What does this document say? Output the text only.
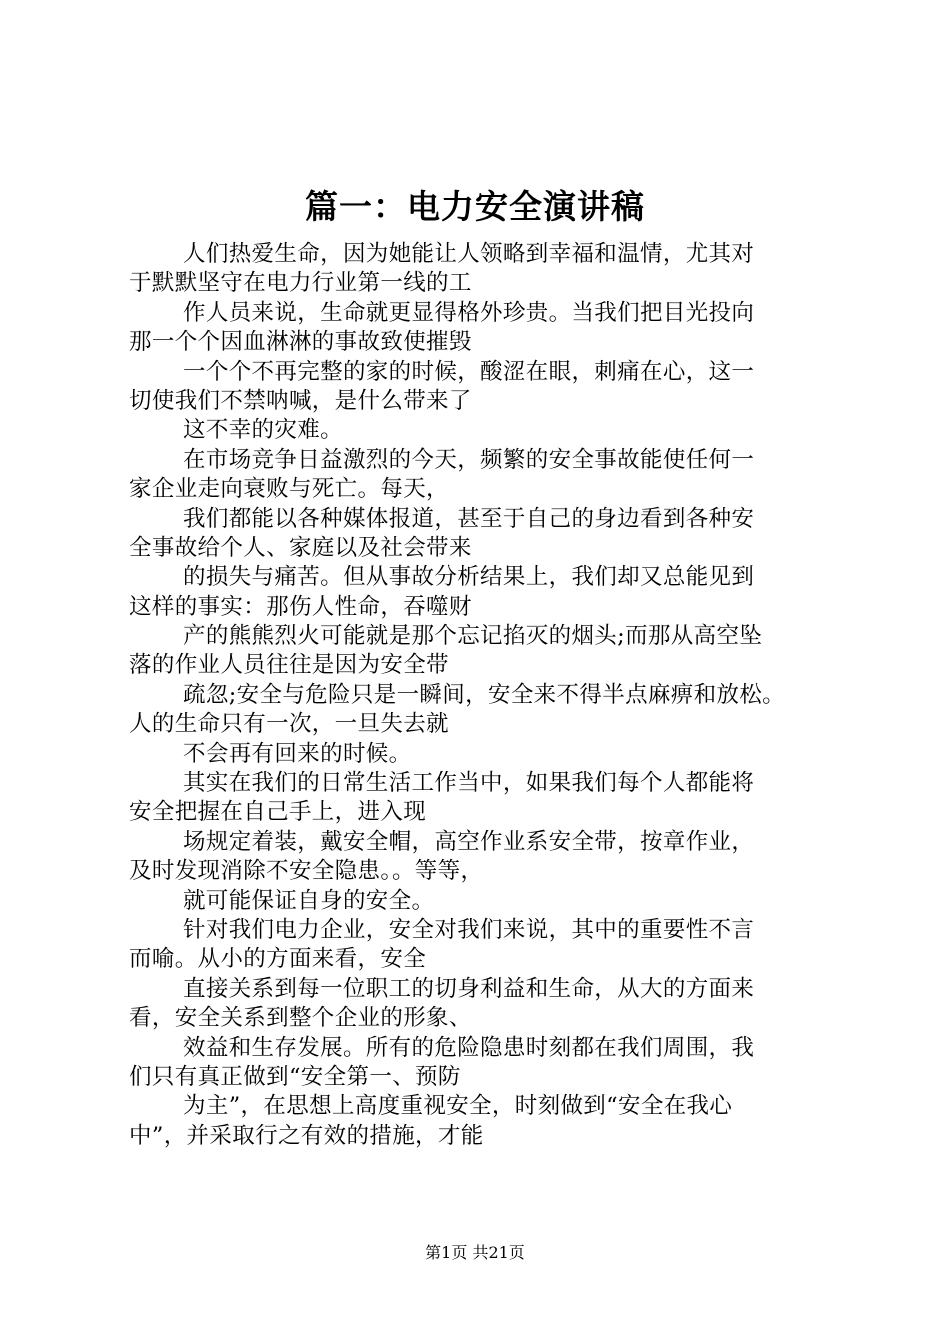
篇一：电力安全演讲稿
人们热爱生命，因为她能让人领略到幸福和温情，尤其对
于默默坚守在电力行业第一线的工
作人员来说，生命就更显得格外珍贵。当我们把目光投向
那一个个因血淋淋的事故致使摧毁
一个个不再完整的家的时候，酸涩在眼，刺痛在心，这一
切使我们不禁呐喊，是什么带来了
这不幸的灾难。
在市场竞争日益激烈的今天，频繁的安全事故能使任何一
家企业走向衰败与死亡。每天，
我们都能以各种媒体报道，甚至于自己的身边看到各种安
全事故给个人、家庭以及社会带来
的损失与痛苦。但从事故分析结果上，我们却又总能见到
这样的事实：那伤人性命，吞噬财
产的熊熊烈火可能就是那个忘记掐灭的烟头;而那从高空坠
落的作业人员往往是因为安全带
疏忽;安全与危险只是一瞬间，安全来不得半点麻痹和放松。
人的生命只有一次，一旦失去就
不会再有回来的时候。
其实在我们的日常生活工作当中，如果我们每个人都能将
安全把握在自己手上，进入现
场规定着装，戴安全帽，高空作业系安全带，按章作业，
及时发现消除不安全隐患。。等等，
就可能保证自身的安全。
针对我们电力企业，安全对我们来说，其中的重要性不言
而喻。从小的方面来看，安全
直接关系到每一位职工的切身利益和生命，从大的方面来
看，安全关系到整个企业的形象、
效益和生存发展。所有的危险隐患时刻都在我们周围，我
们只有真正做到“安全第一、预防
为主”，在思想上高度重视安全，时刻做到“安全在我心
中”，并采取行之有效的措施，才能
第1页 共21页
